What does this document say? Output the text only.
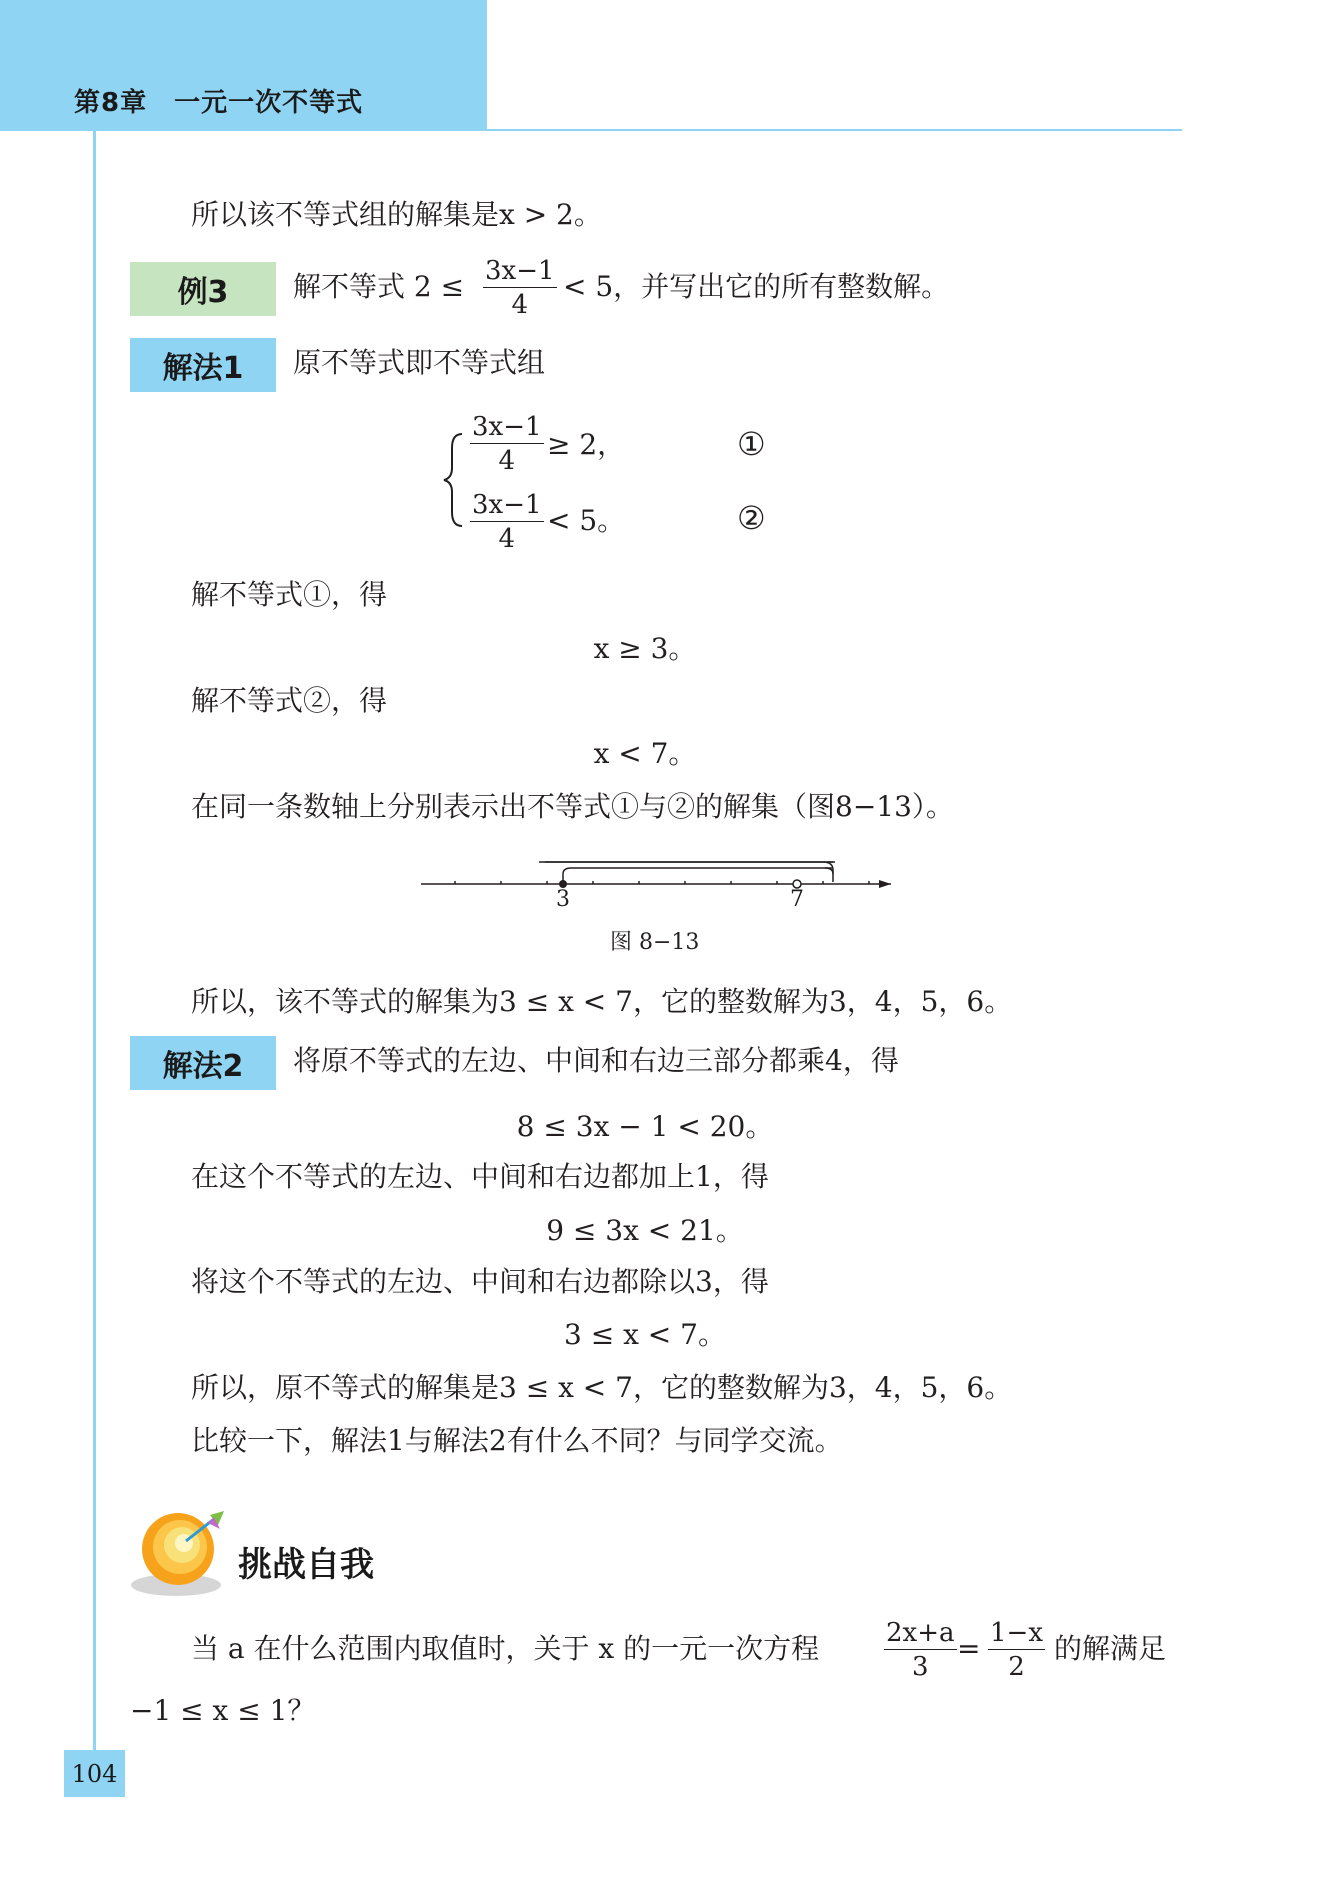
第8章　一元一次不等式
所以该不等式组的解集是x > 2。
例3	解不等式 $2 \le \frac{3x-1}{4} < 5$，并写出它的所有整数解。
解法1	原不等式即不等式组
$\frac{3x-1}{4} \ge 2$，	①
$\frac{3x-1}{4} < 5$。	②
解不等式①，得
x ≥ 3。
解不等式②，得
x < 7。
在同一条数轴上分别表示出不等式①与②的解集（图8−13）。
3	7
图 8−13
所以，该不等式的解集为3 ≤ x < 7，它的整数解为3，4，5，6。
解法2	将原不等式的左边、中间和右边三部分都乘4，得
8 ≤ 3x − 1 < 20。
在这个不等式的左边、中间和右边都加上1，得
9 ≤ 3x < 21。
将这个不等式的左边、中间和右边都除以3，得
3 ≤ x < 7。
所以，原不等式的解集是3 ≤ x < 7，它的整数解为3，4，5，6。
比较一下，解法1与解法2有什么不同？与同学交流。
挑战自我
当 a 在什么范围内取值时，关于 x 的一元一次方程 $\frac{2x+a}{3} = \frac{1-x}{2}$ 的解满足
−1 ≤ x ≤ 1？
104
